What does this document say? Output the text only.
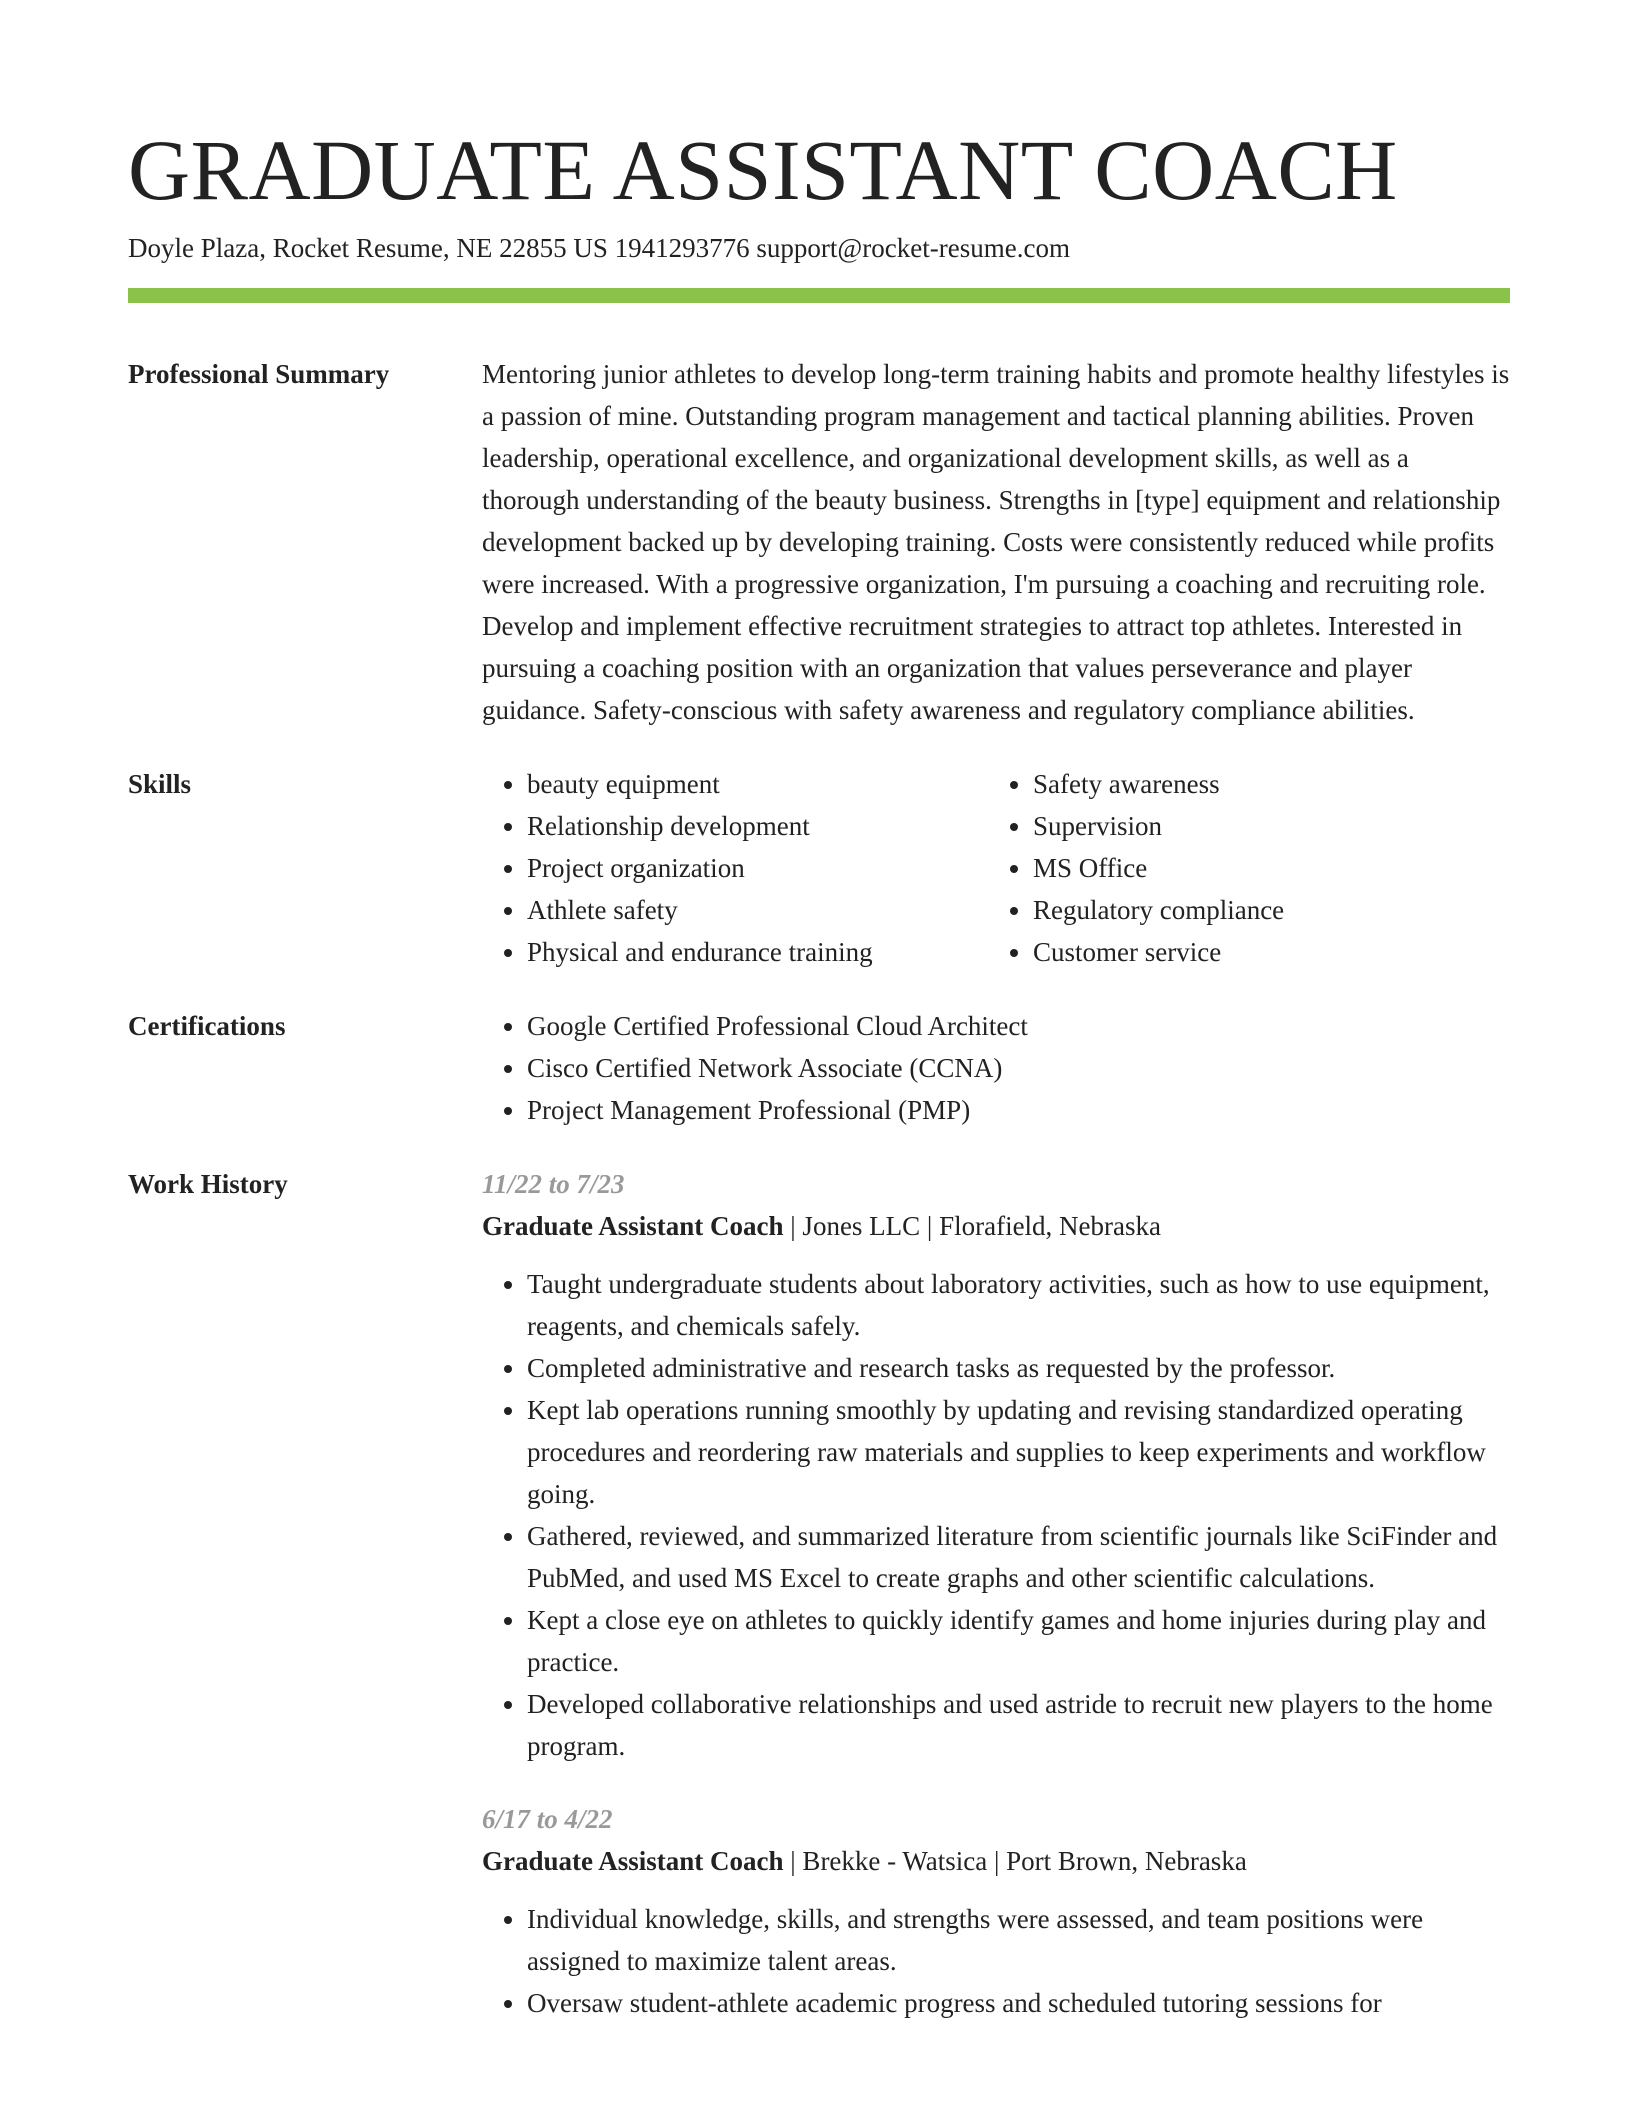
GRADUATE ASSISTANT COACH
Doyle Plaza, Rocket Resume, NE 22855 US 1941293776 support@rocket-resume.com
Professional Summary	Mentoring junior athletes to develop long-term training habits and promote healthy lifestyles is a passion of mine. Outstanding program management and tactical planning abilities. Proven leadership, operational excellence, and organizational development skills, as well as a thorough understanding of the beauty business. Strengths in [type] equipment and relationship development backed up by developing training. Costs were consistently reduced while profits were increased. With a progressive organization, I'm pursuing a coaching and recruiting role. Develop and implement effective recruitment strategies to attract top athletes. Interested in pursuing a coaching position with an organization that values perseverance and player guidance. Safety-conscious with safety awareness and regulatory compliance abilities.

Skills	• beauty equipment
• Relationship development
• Project organization
• Athlete safety
• Physical and endurance training
• Safety awareness
• Supervision
• MS Office
• Regulatory compliance
• Customer service
Certifications	• Google Certified Professional Cloud Architect
• Cisco Certified Network Associate (CCNA)
• Project Management Professional (PMP)
Work History	11/22 to 7/23
Graduate Assistant Coach | Jones LLC | Florafield, Nebraska
• Taught undergraduate students about laboratory activities, such as how to use equipment, reagents, and chemicals safely.
• Completed administrative and research tasks as requested by the professor.
• Kept lab operations running smoothly by updating and revising standardized operating procedures and reordering raw materials and supplies to keep experiments and workflow going.
• Gathered, reviewed, and summarized literature from scientific journals like SciFinder and PubMed, and used MS Excel to create graphs and other scientific calculations.
• Kept a close eye on athletes to quickly identify games and home injuries during play and practice.
• Developed collaborative relationships and used astride to recruit new players to the home program.
6/17 to 4/22
Graduate Assistant Coach | Brekke - Watsica | Port Brown, Nebraska
• Individual knowledge, skills, and strengths were assessed, and team positions were assigned to maximize talent areas.
• Oversaw student-athlete academic progress and scheduled tutoring sessions for
